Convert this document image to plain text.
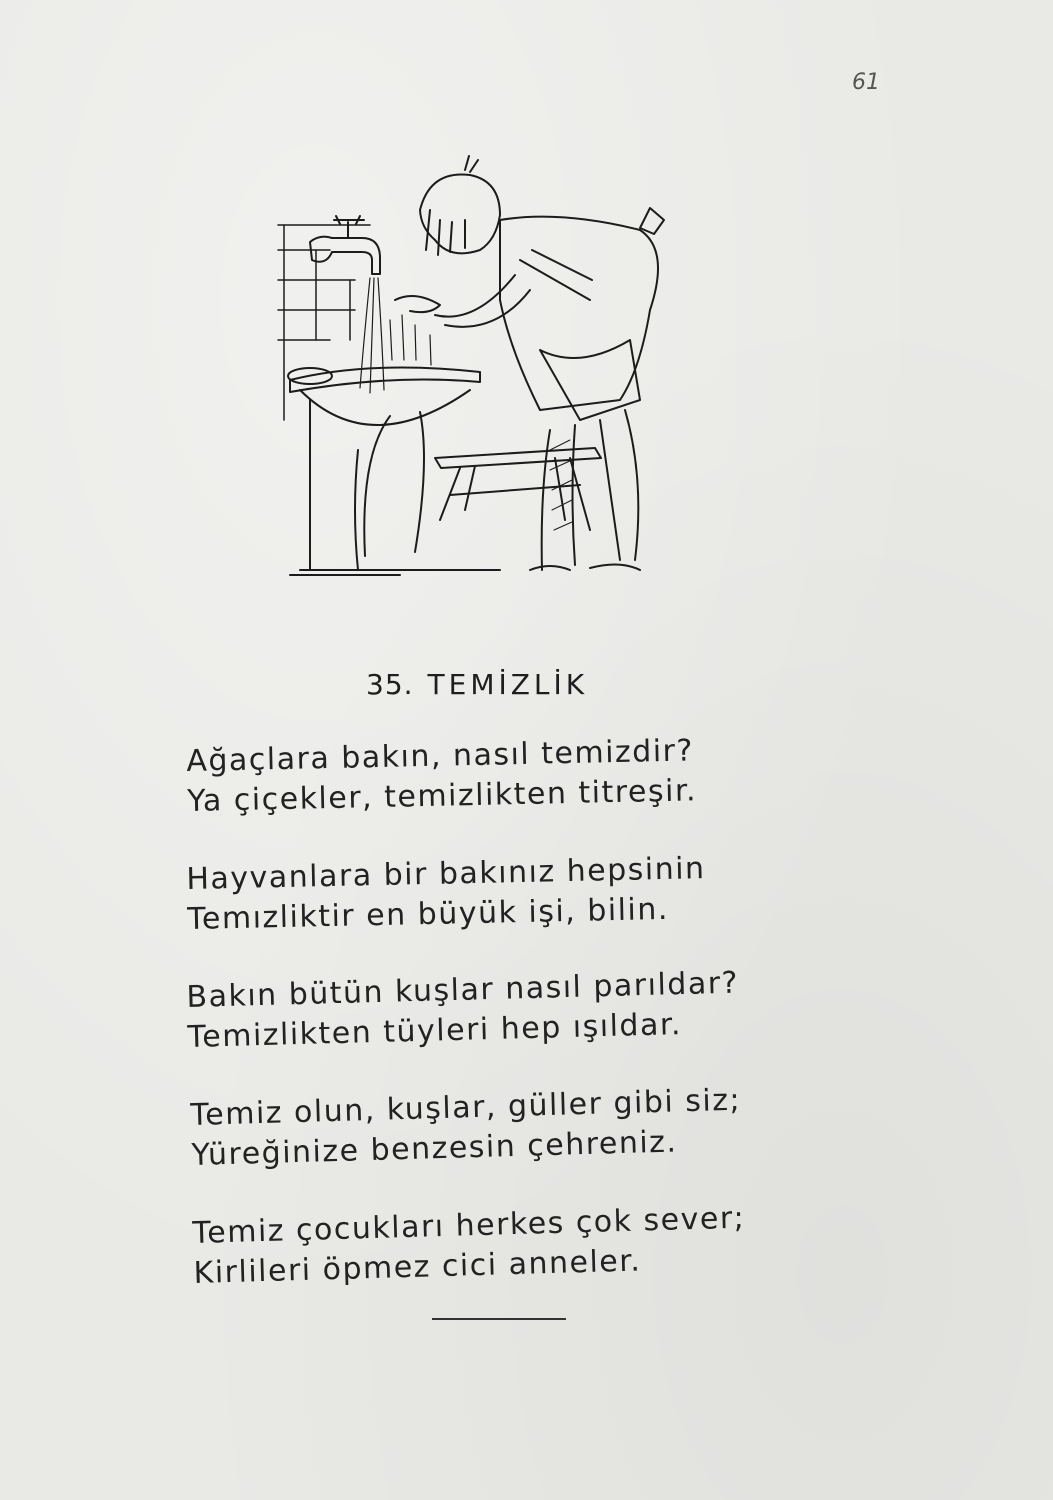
61
35. TEMİZLİK
Ağaçlara bakın, nasıl temizdir?
Ya çiçekler, temizlikten titreşir.
Hayvanlara bir bakınız hepsinin
Temızliktir en büyük işi, bilin.
Bakın bütün kuşlar nasıl parıldar?
Temizlikten tüyleri hep ışıldar.
Temiz olun, kuşlar, güller gibi siz;
Yüreğinize benzesin çehreniz.
Temiz çocukları herkes çok sever;
Kirlileri öpmez cici anneler.
